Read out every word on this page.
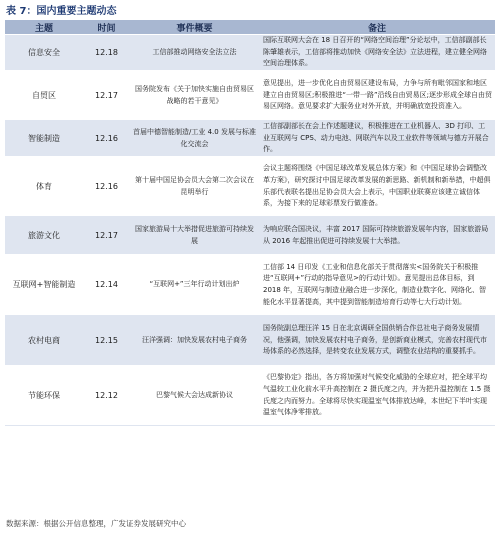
表 7：国内重要主题动态
主题	时间	事件概要	备注
信息安全	12.18	工信部推动网络安全法立法	国际互联网大会在 18 日召开的“网络空间治理”分论坛中，工信部副部长陈肇雄表示，工信部将推动加快《网络安全法》立法进程，建立健全网络空间治理体系。
自贸区	12.17	国务院发布《关于加快实施自由贸易区战略的若干意见》	意见提出，进一步优化自由贸易区建设布局，力争与所有毗邻国家和地区建立自由贸易区;积极推进“一带一路”沿线自由贸易区;逐步形成全球自由贸易区网络。意见要求扩大服务业对外开放，并明确放宽投资准入。
智能制造	12.16	首届中德智能制造/工业 4.0 发展与标准化交流会	工信部副部长在会上作述题建议，积极推进在工业机器人、3D 打印、工业互联网与 CPS、动力电池、网联汽车以及工业软件等领域与德方开展合作。
体育	12.16	第十届中国足协会员大会第二次会议在昆明举行	会议主题将围绕《中国足球改革发展总体方案》和《中国足球协会调整改革方案》，研究探讨中国足球改革发展的新思路、新机制和新举措，中超俱乐部代表联名提出足协会员大会上表示，中国职业联赛应该建立诚信体系，为接下来的足球彩票发行做准备。
旅游文化	12.17	国家旅游局十大举措促进旅游可持续发展	为响应联合国决议，丰富 2017 国际可持续旅游发展年内容，国家旅游局从 2016 年起推出促进可持续发展十大举措。
互联网+智能制造	12.14	“互联网+”三年行动计划出炉	工信部 14 日印发《工业和信息化部关于贯彻落实<国务院关于积极推进“互联网+”行动的指导意见>的行动计划》。意见提出总体目标，到 2018 年，互联网与制造业融合进一步深化，制造业数字化、网络化、智能化水平显著提高，其中提到智能制造培育行动等七大行动计划。
农村电商	12.15	汪洋强调：加快发展农村电子商务	国务院副总理汪洋 15 日在北京调研全国供销合作总社电子商务发展情况，他强调，加快发展农村电子商务，是创新商业模式，完善农村现代市场体系的必然选择，是转变农业发展方式，调整农业结构的重要抓手。
节能环保	12.12	巴黎气候大会达成新协议	《巴黎协定》指出，各方将加强对气候变化威胁的全球应对，把全球平均气温较工业化前水平升高控制在 2 摄氏度之内，并为把升温控制在 1.5 摄氏度之内而努力。全球将尽快实现温室气体排放达峰，本世纪下半叶实现温室气体净零排放。
数据来源：根据公开信息整理，广发证券发展研究中心
